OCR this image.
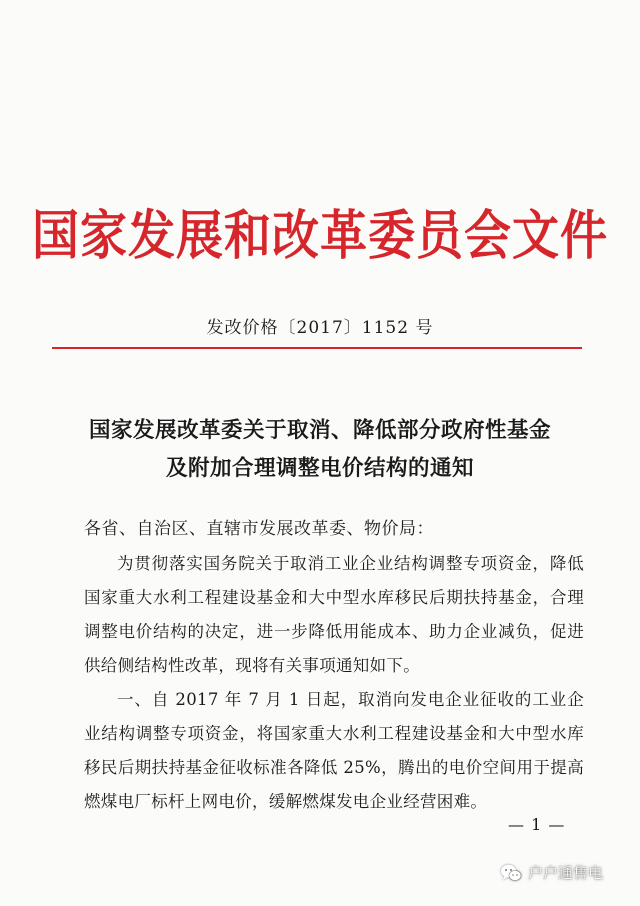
国家发展和改革委员会文件
发改价格〔2017〕1152 号
国家发展改革委关于取消、降低部分政府性基金
及附加合理调整电价结构的通知
各省、自治区、直辖市发展改革委、物价局：

为贯彻落实国务院关于取消工业企业结构调整专项资金，降低国家重大水利工程建设基金和大中型水库移民后期扶持基金，合理调整电价结构的决定，进一步降低用能成本、助力企业减负，促进供给侧结构性改革，现将有关事项通知如下。

一、自 2017 年 7 月 1 日起，取消向发电企业征收的工业企业结构调整专项资金，将国家重大水利工程建设基金和大中型水库移民后期扶持基金征收标准各降低 25%，腾出的电价空间用于提高燃煤电厂标杆上网电价，缓解燃煤发电企业经营困难。

— 1 —
户户通售电
